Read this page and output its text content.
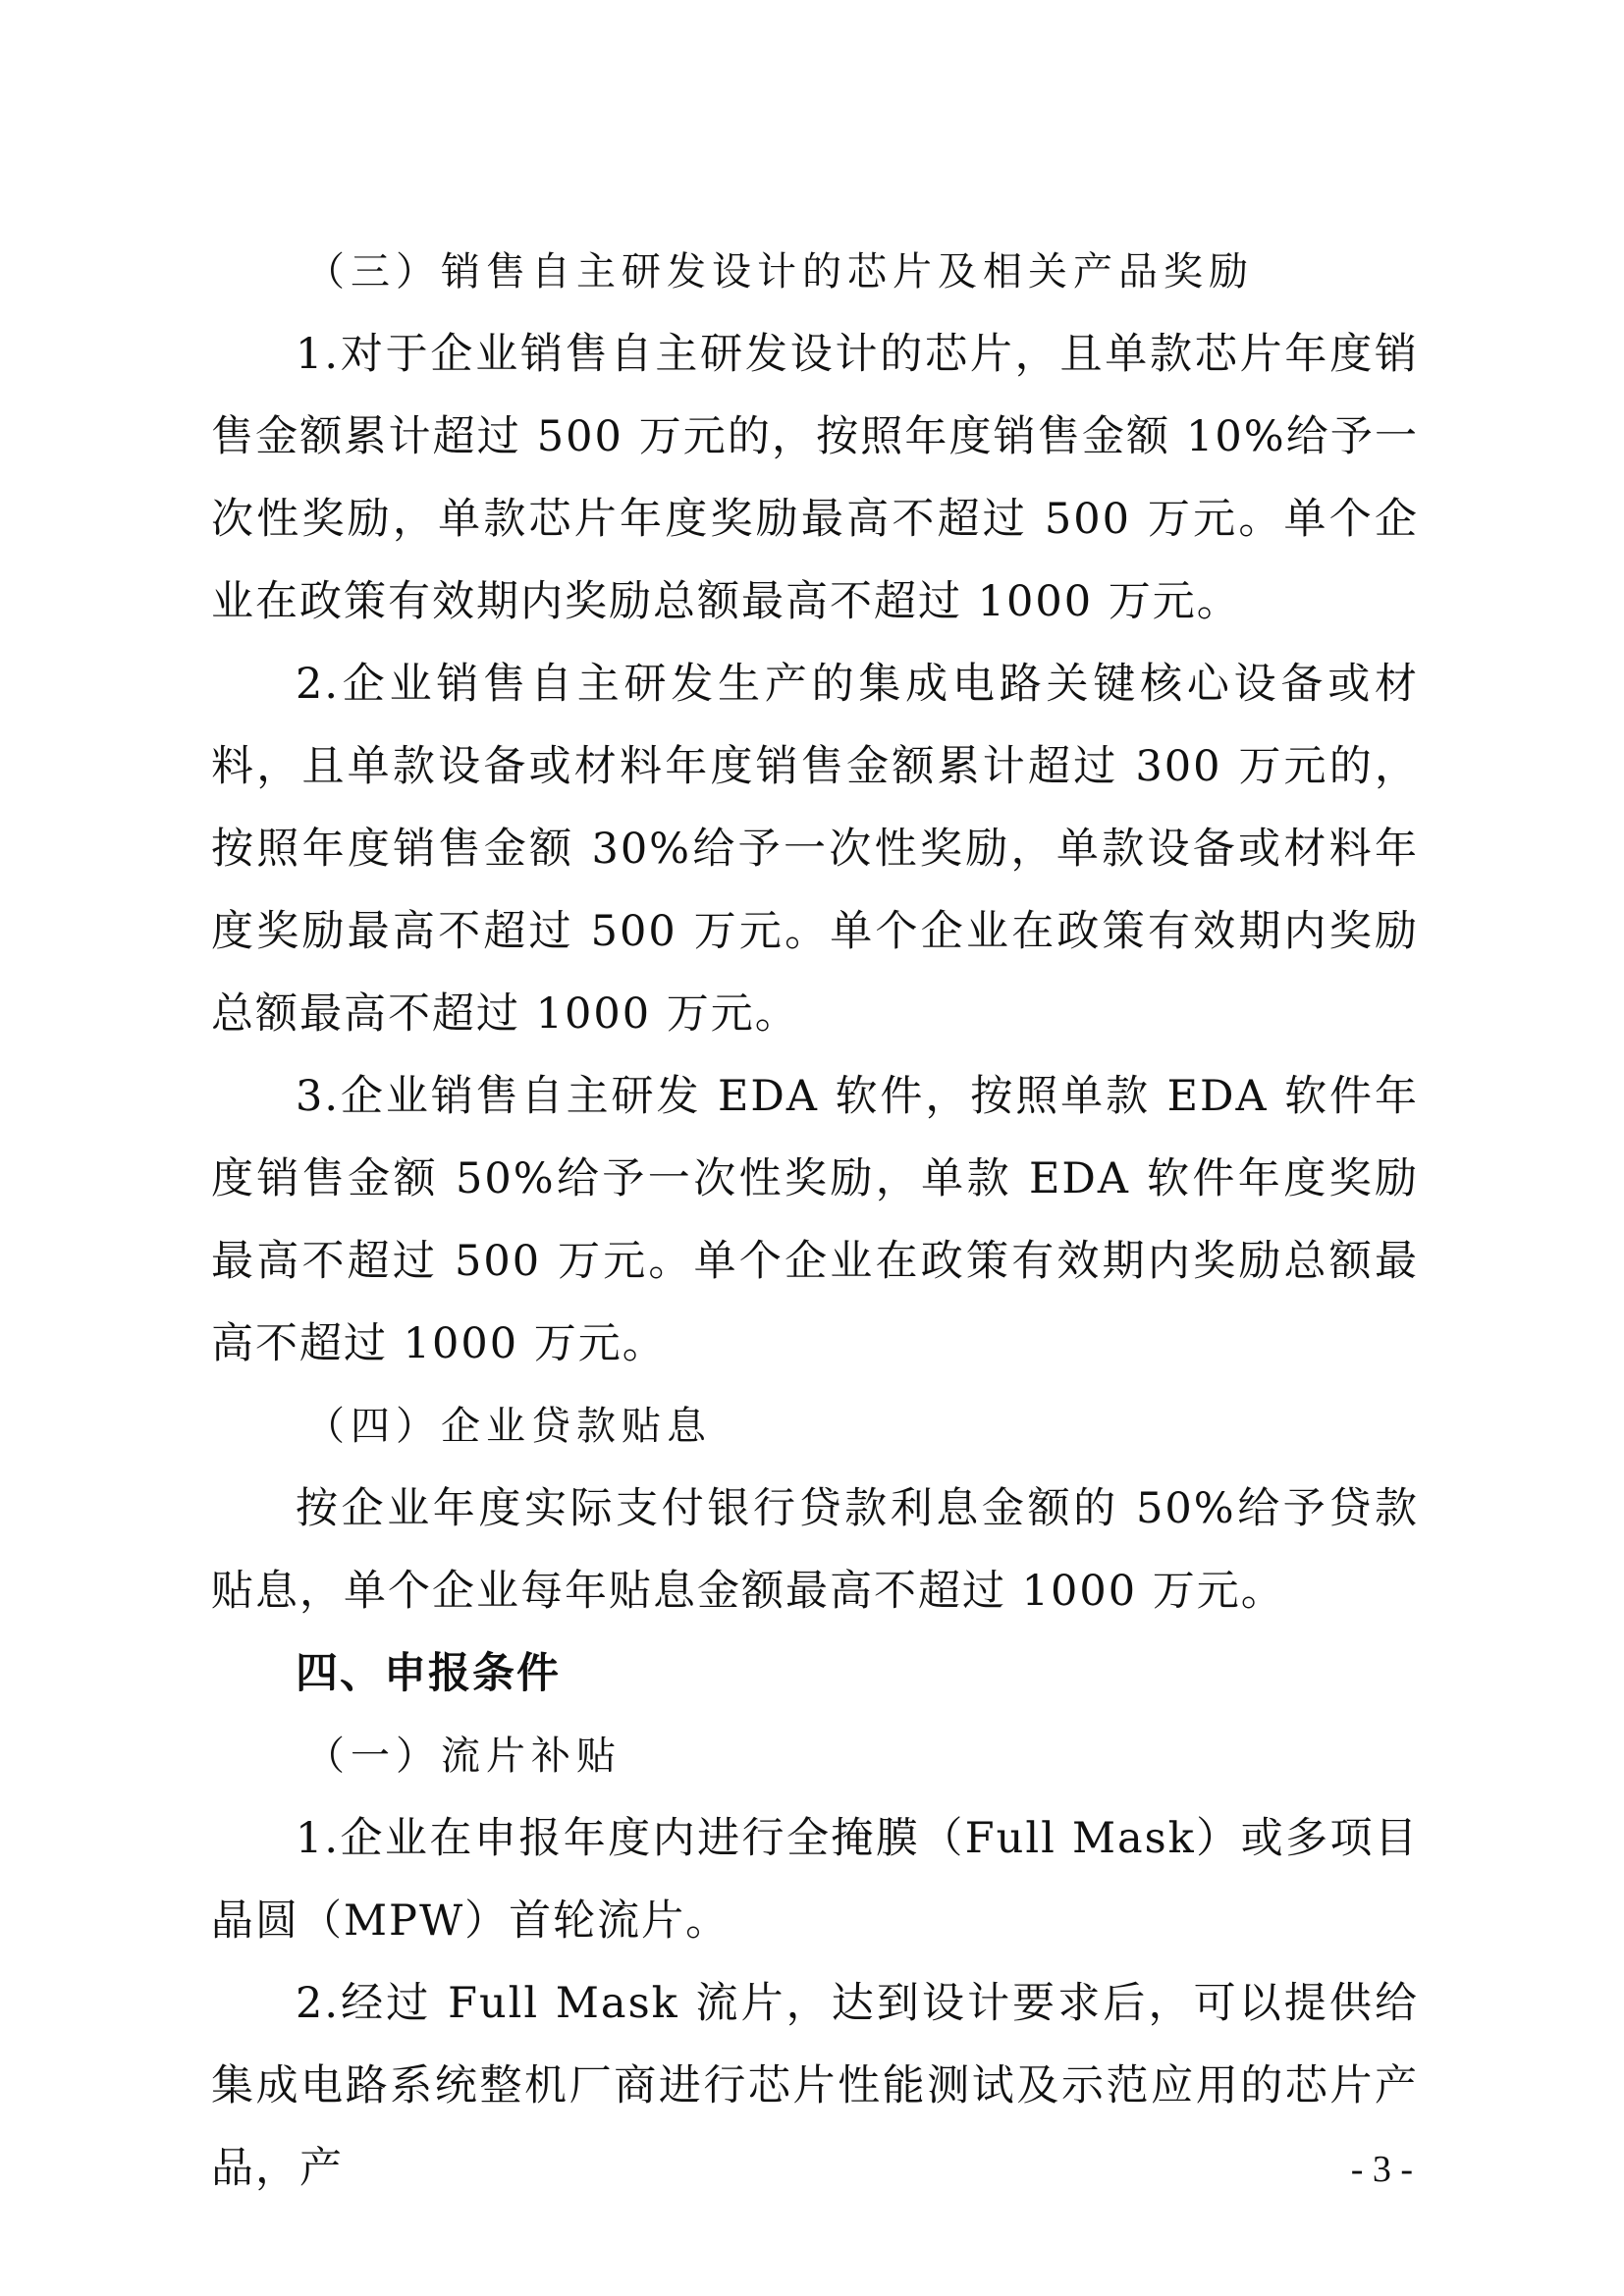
（三）销售自主研发设计的芯片及相关产品奖励

1.对于企业销售自主研发设计的芯片，且单款芯片年度销售金额累计超过 500 万元的，按照年度销售金额 10%给予一次性奖励，单款芯片年度奖励最高不超过 500 万元。单个企业在政策有效期内奖励总额最高不超过 1000 万元。

2.企业销售自主研发生产的集成电路关键核心设备或材料，且单款设备或材料年度销售金额累计超过 300 万元的，按照年度销售金额 30%给予一次性奖励，单款设备或材料年度奖励最高不超过 500 万元。单个企业在政策有效期内奖励总额最高不超过 1000 万元。

3.企业销售自主研发 EDA 软件，按照单款 EDA 软件年度销售金额 50%给予一次性奖励，单款 EDA 软件年度奖励最高不超过 500 万元。单个企业在政策有效期内奖励总额最高不超过 1000 万元。

（四）企业贷款贴息

按企业年度实际支付银行贷款利息金额的 50%给予贷款贴息，单个企业每年贴息金额最高不超过 1000 万元。

四、申报条件

（一）流片补贴

1.企业在申报年度内进行全掩膜（Full Mask）或多项目晶圆（MPW）首轮流片。

2.经过 Full Mask 流片，达到设计要求后，可以提供给集成电路系统整机厂商进行芯片性能测试及示范应用的芯片产品，产	- 3 -
